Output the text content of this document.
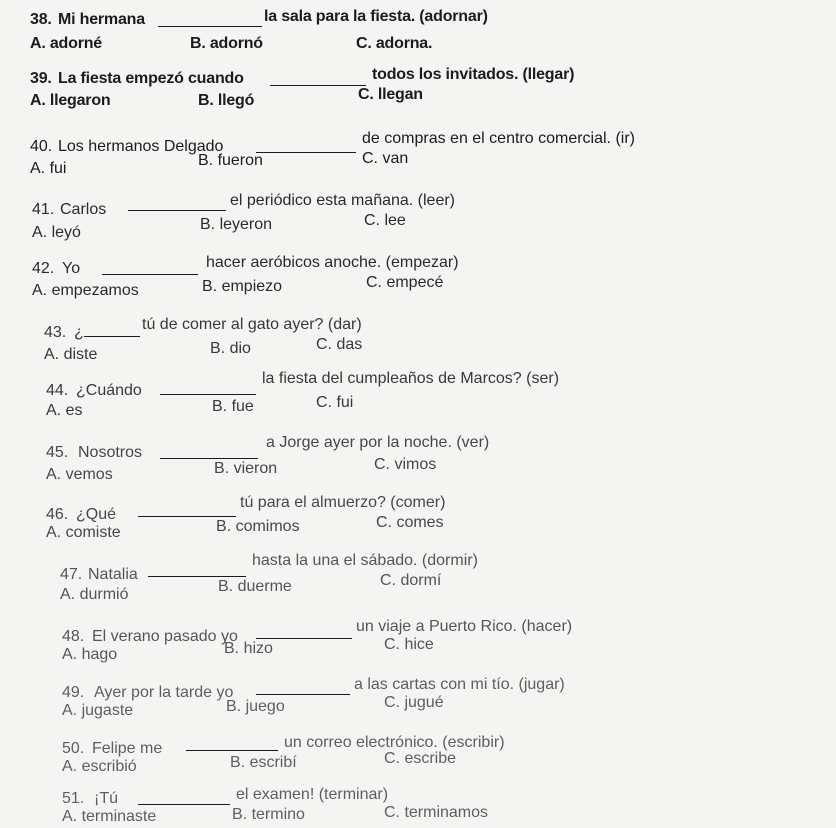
38. Mi hermana	la sala para la fiesta. (adornar)
A. adorné	B. adornó	C. adorna.
39. La fiesta empezó cuando	todos los invitados. (llegar)
A. llegaron	B. llegó	C. llegan
40. Los hermanos Delgado	de compras en el centro comercial. (ir)
A. fui	B. fueron	C. van
41. Carlos
el periódico esta mañana. (leer)
A. leyó	B. leyeron	C. lee
42. Yo	hacer aeróbicos anoche. (empezar)
A. empezamos	B. empiezo	C. empecé
43. ¿	tú de comer al gato ayer? (dar)
A. diste	B. dio	C. das
44. ¿Cuándo
la fiesta del cumpleaños de Marcos? (ser)
A. es	B. fue	C. fui
45. Nosotros
a Jorge ayer por la noche. (ver)
A. vemos	B. vieron	C. vimos
46. ¿Qué
tú para el almuerzo? (comer)
A. comiste	B. comimos	C. comes
47. Natalia
hasta la una el sábado. (dormir)
A. durmió	B. duerme	C. dormí
48. El verano pasado yo
un viaje a Puerto Rico. (hacer)
A. hago	B. hizo	C. hice
49. Ayer por la tarde yo	a las cartas con mi tío. (jugar)
A. jugaste	B. juego	C. jugué
50. Felipe me	un correo electrónico. (escribir)
A. escribió	B. escribí	C. escribe
51. ¡Tú	el examen! (terminar)
A. terminaste	B. termino	C. terminamos
